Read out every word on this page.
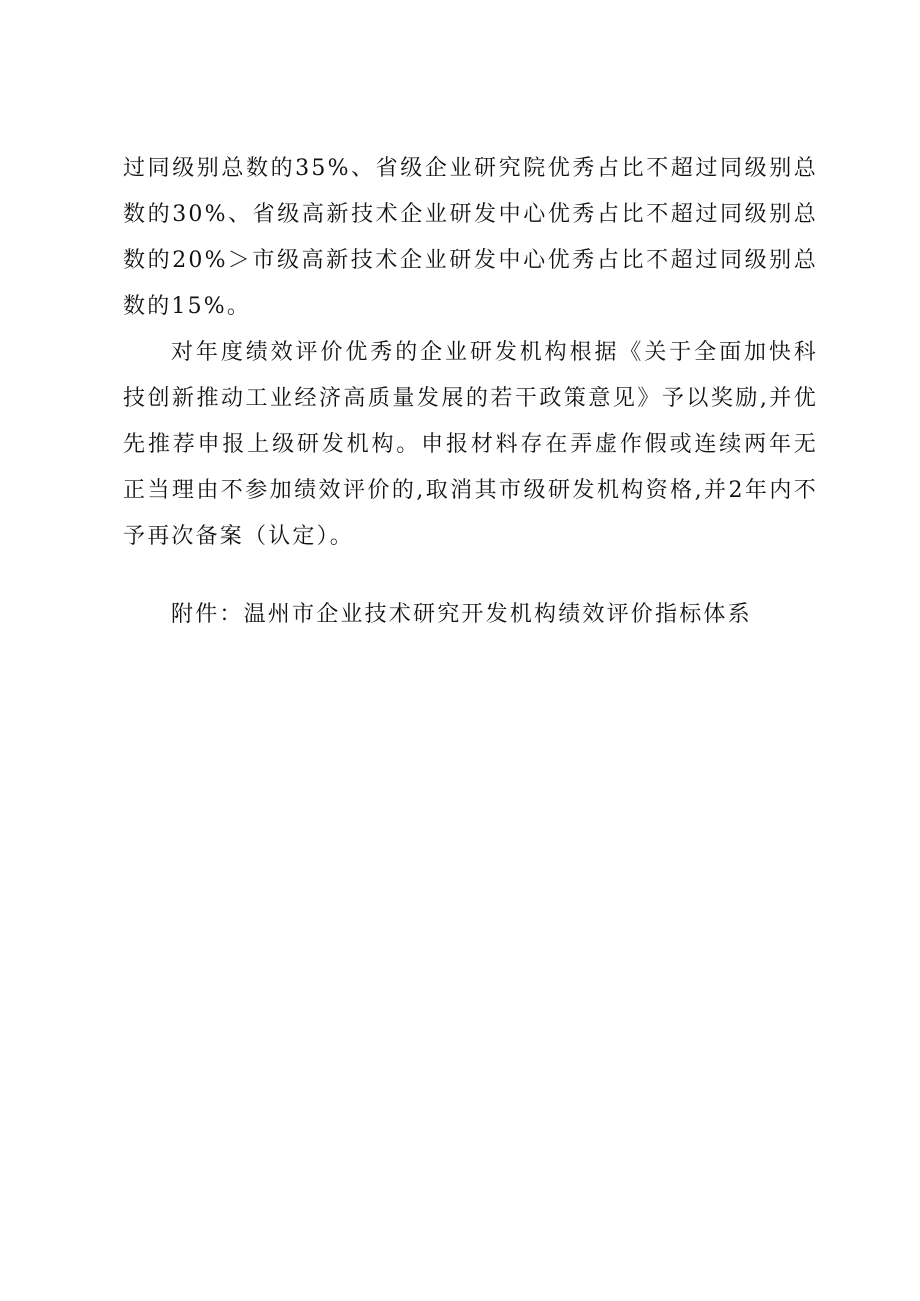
过同级别总数的35%、省级企业研究院优秀占比不超过同级别总数的30%、省级高新技术企业研发中心优秀占比不超过同级别总数的20%＞市级高新技术企业研发中心优秀占比不超过同级别总数的15%。

对年度绩效评价优秀的企业研发机构根据《关于全面加快科技创新推动工业经济高质量发展的若干政策意见》予以奖励,并优先推荐申报上级研发机构。申报材料存在弄虚作假或连续两年无正当理由不参加绩效评价的,取消其市级研发机构资格,并2年内不予再次备案（认定）。

附件：温州市企业技术研究开发机构绩效评价指标体系
